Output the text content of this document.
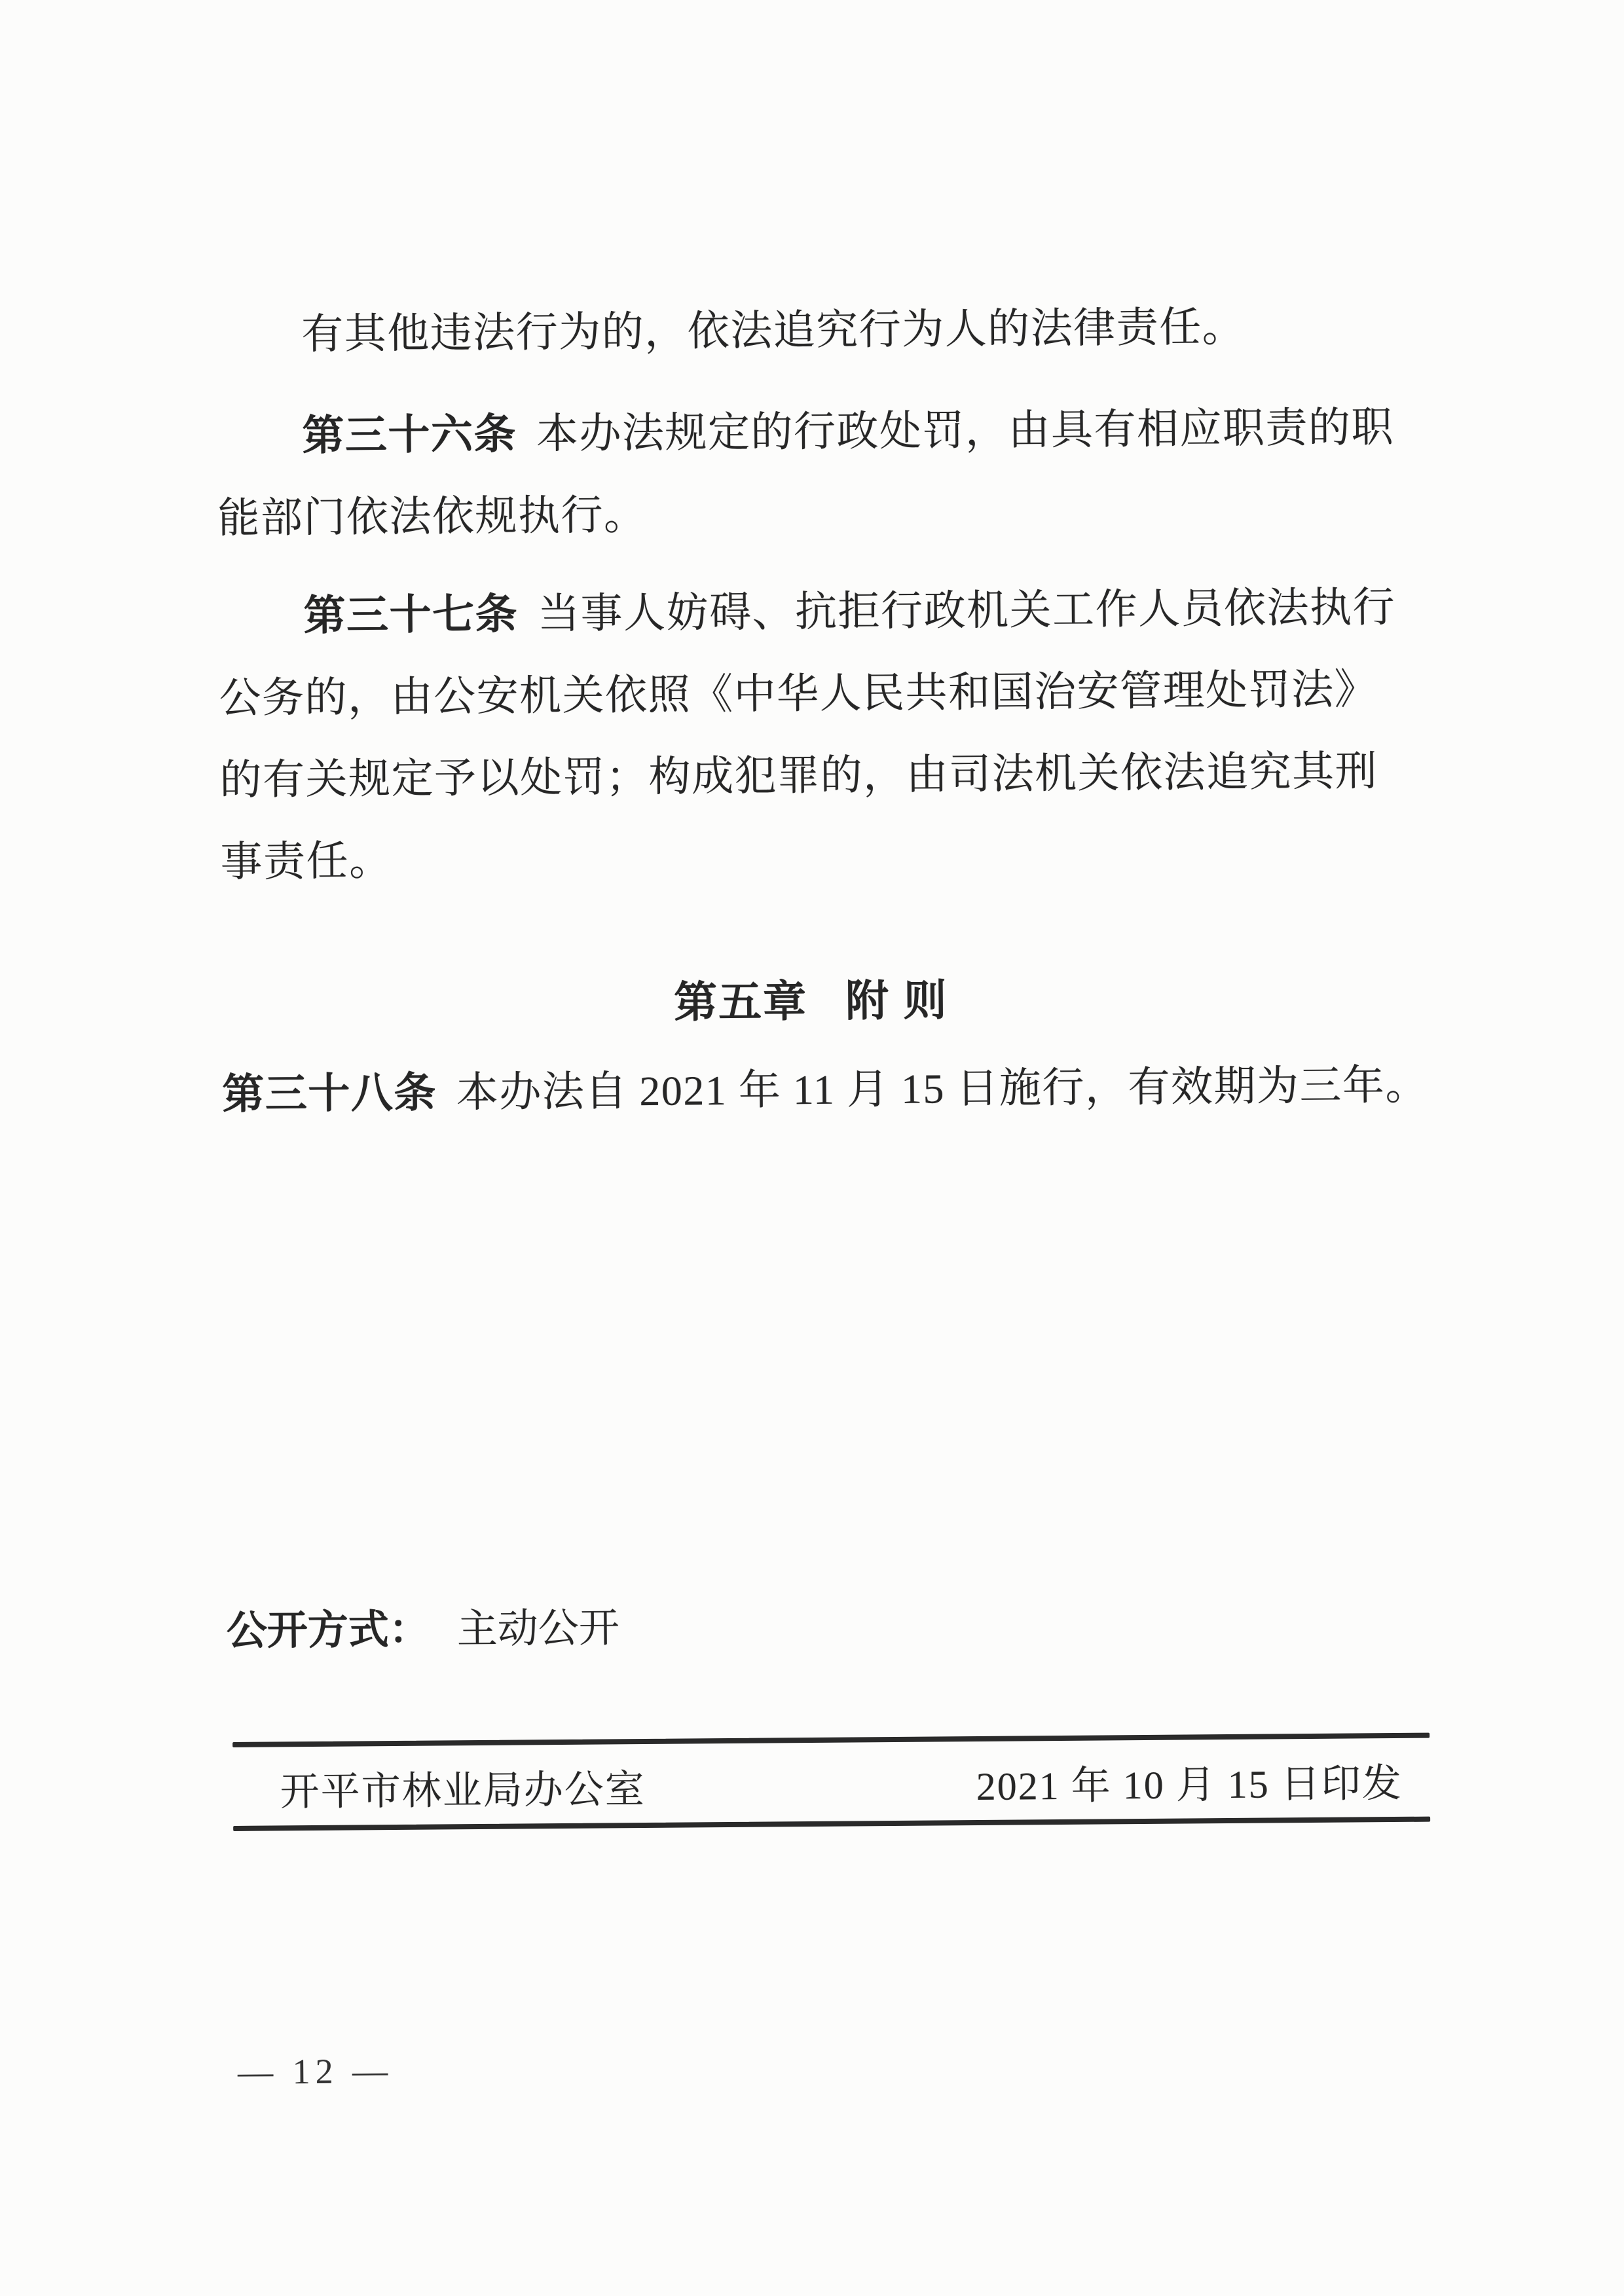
有其他违法行为的，依法追究行为人的法律责任。
第三十六条 本办法规定的行政处罚，由具有相应职责的职
能部门依法依规执行。
第三十七条 当事人妨碍、抗拒行政机关工作人员依法执行
公务的，由公安机关依照《中华人民共和国治安管理处罚法》
的有关规定予以处罚；构成犯罪的，由司法机关依法追究其刑
事责任。
第五章 附 则
第三十八条 本办法自 2021 年 11 月 15 日施行，有效期为三年。
公开方式： 主动公开
开平市林业局办公室	2021 年 10 月 15 日印发
— 12 —
